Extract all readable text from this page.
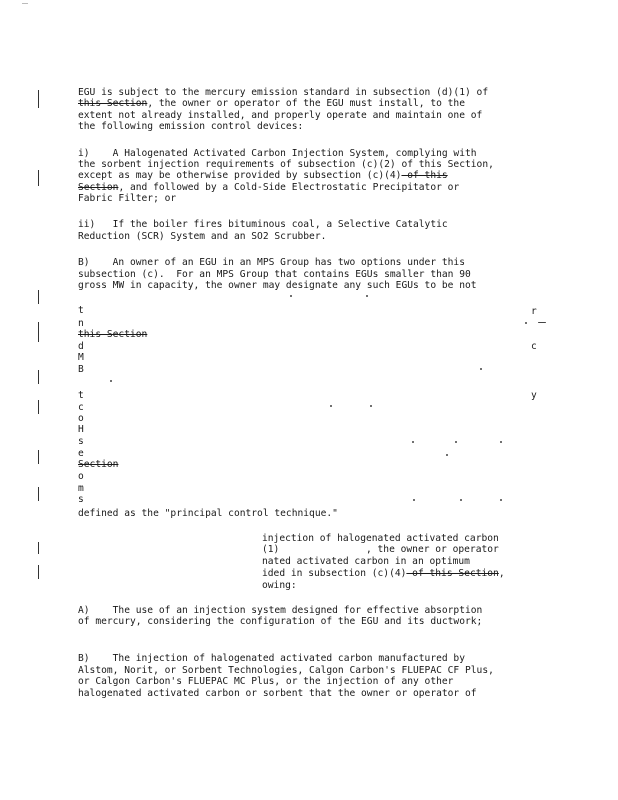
EGU is subject to the mercury emission standard in subsection (d)(1) of
this Section, the owner or operator of the EGU must install, to the
extent not already installed, and properly operate and maintain one of
the following emission control devices:
i)    A Halogenated Activated Carbon Injection System, complying with
the sorbent injection requirements of subsection (c)(2) of this Section,
except as may be otherwise provided by subsection (c)(4) of this
Section, and followed by a Cold-Side Electrostatic Precipitator or
Fabric Filter; or
ii)   If the boiler fires bituminous coal, a Selective Catalytic
Reduction (SCR) System and an SO2 Scrubber.
B)    An owner of an EGU in an MPS Group has two options under this
subsection (c).  For an MPS Group that contains EGUs smaller than 90
gross MW in capacity, the owner may designate any such EGUs to be not
t
n
this Section
d
M
B
t
c
o
H
s
e
Section
o
m
s
r
c
y
defined as the "principal control technique."
injection of halogenated activated carbon
(1)               , the owner or operator
nated activated carbon in an optimum
ided in subsection (c)(4) of this Section,
owing:
A)    The use of an injection system designed for effective absorption
of mercury, considering the configuration of the EGU and its ductwork;
B)    The injection of halogenated activated carbon manufactured by
Alstom, Norit, or Sorbent Technologies, Calgon Carbon's FLUEPAC CF Plus,
or Calgon Carbon's FLUEPAC MC Plus, or the injection of any other
halogenated activated carbon or sorbent that the owner or operator of
